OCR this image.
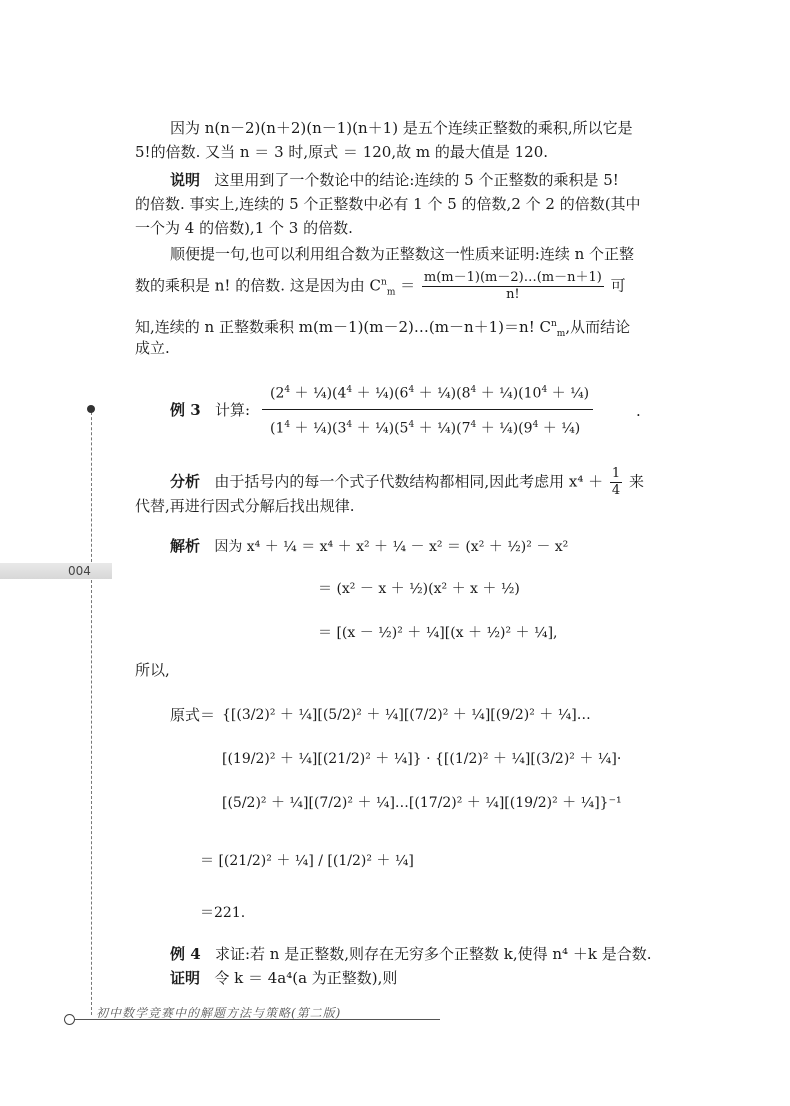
004
因为 n(n－2)(n＋2)(n－1)(n＋1) 是五个连续正整数的乘积,所以它是
5!的倍数. 又当 n ＝ 3 时,原式 ＝ 120,故 m 的最大值是 120.
说明 这里用到了一个数论中的结论:连续的 5 个正整数的乘积是 5!
的倍数. 事实上,连续的 5 个正整数中必有 1 个 5 的倍数,2 个 2 的倍数(其中
一个为 4 的倍数),1 个 3 的倍数.
顺便提一句,也可以利用组合数为正整数这一性质来证明:连续 n 个正整
数的乘积是 n! 的倍数. 这是因为由 $C^n_m = \frac{m(m-1)(m-2)\dots(m-n+1)}{n!}$ 可
知,连续的 n 正整数乘积 m(m－1)(m－2)…(m－n＋1)＝n! $C^n_m$,从而结论
成立.
例 3 计算: $\frac{(2^4 + \frac{1}{4})(4^4 + \frac{1}{4})(6^4 + \frac{1}{4})(8^4 + \frac{1}{4})(10^4 + \frac{1}{4})}{(1^4 + \frac{1}{4})(3^4 + \frac{1}{4})(5^4 + \frac{1}{4})(7^4 + \frac{1}{4})(9^4 + \frac{1}{4})}$	.
分析 由于括号内的每一个式子代数结构都相同,因此考虑用 $x^4 + \frac{1}{4}$ 来
代替,再进行因式分解后找出规律.
解析 因为 x⁴ ＋ ¼ ＝ x⁴ ＋ x² ＋ ¼ － x² ＝ (x² ＋ ½)² － x²
＝ (x² － x ＋ ½)(x² ＋ x ＋ ½)
＝ [(x － ½)² ＋ ¼][(x ＋ ½)² ＋ ¼],
所以,
原式＝ {[(3/2)² ＋ ¼][(5/2)² ＋ ¼][(7/2)² ＋ ¼][(9/2)² ＋ ¼]…
[(19/2)² ＋ ¼][(21/2)² ＋ ¼]} · {[(1/2)² ＋ ¼][(3/2)² ＋ ¼]·
[(5/2)² ＋ ¼][(7/2)² ＋ ¼]…[(17/2)² ＋ ¼][(19/2)² ＋ ¼]}⁻¹
＝ [(21/2)² ＋ ¼] / [(1/2)² ＋ ¼]
＝221.
例 4 求证:若 n 是正整数,则存在无穷多个正整数 k,使得 n⁴ ＋k 是合数.
证明 令 k ＝ 4a⁴(a 为正整数),则
初中数学竞赛中的解题方法与策略(第二版)
